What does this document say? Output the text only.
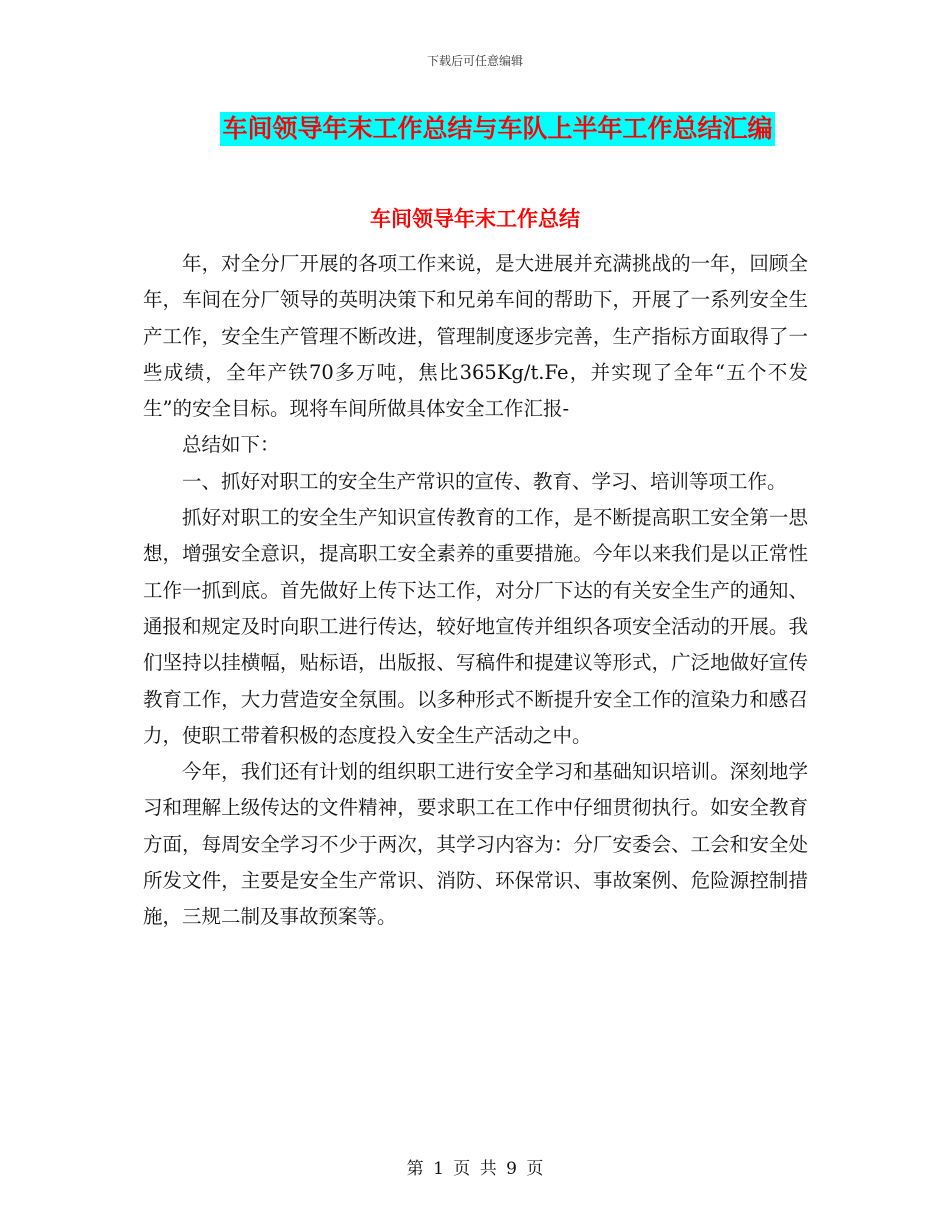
下载后可任意编辑
车间领导年末工作总结与车队上半年工作总结汇编
车间领导年末工作总结

年，对全分厂开展的各项工作来说，是大进展并充满挑战的一年，回顾全年，车间在分厂领导的英明决策下和兄弟车间的帮助下，开展了一系列安全生产工作，安全生产管理不断改进，管理制度逐步完善，生产指标方面取得了一些成绩，全年产铁70多万吨，焦比365Kg/t.Fe，并实现了全年“五个不发生”的安全目标。现将车间所做具体安全工作汇报-

总结如下：

一、抓好对职工的安全生产常识的宣传、教育、学习、培训等项工作。

抓好对职工的安全生产知识宣传教育的工作，是不断提高职工安全第一思想，增强安全意识，提高职工安全素养的重要措施。今年以来我们是以正常性工作一抓到底。首先做好上传下达工作，对分厂下达的有关安全生产的通知、通报和规定及时向职工进行传达，较好地宣传并组织各项安全活动的开展。我们坚持以挂横幅，贴标语，出版报、写稿件和提建议等形式，广泛地做好宣传教育工作，大力营造安全氛围。以多种形式不断提升安全工作的渲染力和感召力，使职工带着积极的态度投入安全生产活动之中。

今年，我们还有计划的组织职工进行安全学习和基础知识培训。深刻地学习和理解上级传达的文件精神，要求职工在工作中仔细贯彻执行。如安全教育方面，每周安全学习不少于两次，其学习内容为：分厂安委会、工会和安全处所发文件，主要是安全生产常识、消防、环保常识、事故案例、危险源控制措施，三规二制及事故预案等。

第 1 页 共 9 页
